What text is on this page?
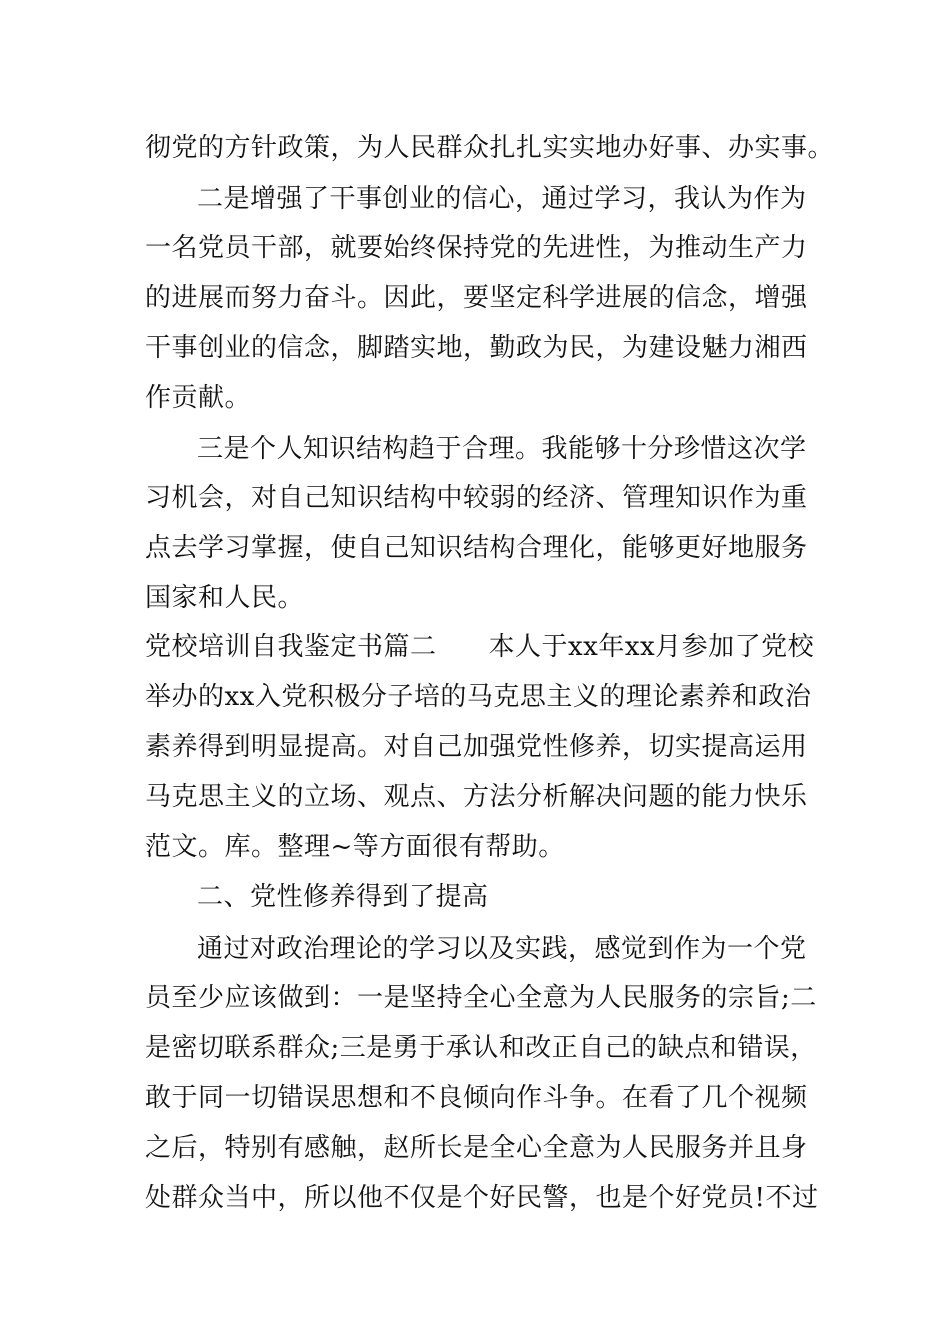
彻党的方针政策，为人民群众扎扎实实地办好事、办实事。
二是增强了干事创业的信心，通过学习，我认为作为
一名党员干部，就要始终保持党的先进性，为推动生产力
的进展而努力奋斗。因此，要坚定科学进展的信念，增强
干事创业的信念，脚踏实地，勤政为民，为建设魅力湘西
作贡献。
三是个人知识结构趋于合理。我能够十分珍惜这次学
习机会，对自己知识结构中较弱的经济、管理知识作为重
点去学习掌握，使自己知识结构合理化，能够更好地服务
国家和人民。
党校培训自我鉴定书篇二 本人于xx年xx月参加了党校
举办的xx入党积极分子培的马克思主义的理论素养和政治
素养得到明显提高。对自己加强党性修养，切实提高运用
马克思主义的立场、观点、方法分析解决问题的能力快乐
范文。库。整理~等方面很有帮助。
二、党性修养得到了提高
通过对政治理论的学习以及实践，感觉到作为一个党
员至少应该做到：一是坚持全心全意为人民服务的宗旨;二
是密切联系群众;三是勇于承认和改正自己的缺点和错误，
敢于同一切错误思想和不良倾向作斗争。在看了几个视频
之后，特别有感触，赵所长是全心全意为人民服务并且身
处群众当中，所以他不仅是个好民警，也是个好党员!不过
